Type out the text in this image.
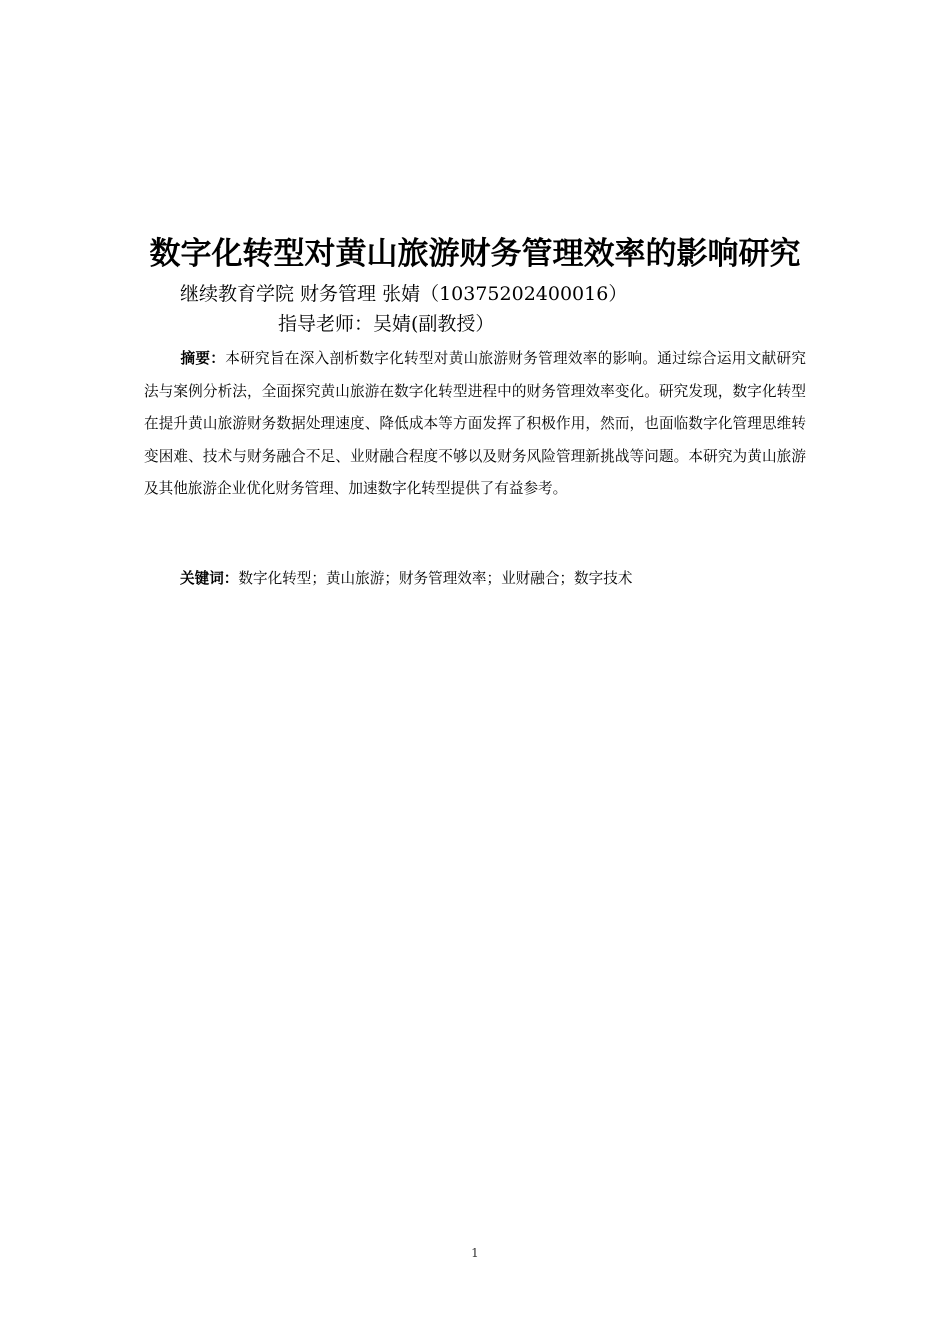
数字化转型对黄山旅游财务管理效率的影响研究
继续教育学院 财务管理 张婧（10375202400016）
指导老师：吴婧(副教授）

摘要：本研究旨在深入剖析数字化转型对黄山旅游财务管理效率的影响。通过综合运用文献研究法与案例分析法，全面探究黄山旅游在数字化转型进程中的财务管理效率变化。研究发现，数字化转型在提升黄山旅游财务数据处理速度、降低成本等方面发挥了积极作用，然而，也面临数字化管理思维转变困难、技术与财务融合不足、业财融合程度不够以及财务风险管理新挑战等问题。本研究为黄山旅游及其他旅游企业优化财务管理、加速数字化转型提供了有益参考。

关键词：数字化转型；黄山旅游；财务管理效率；业财融合；数字技术
1
